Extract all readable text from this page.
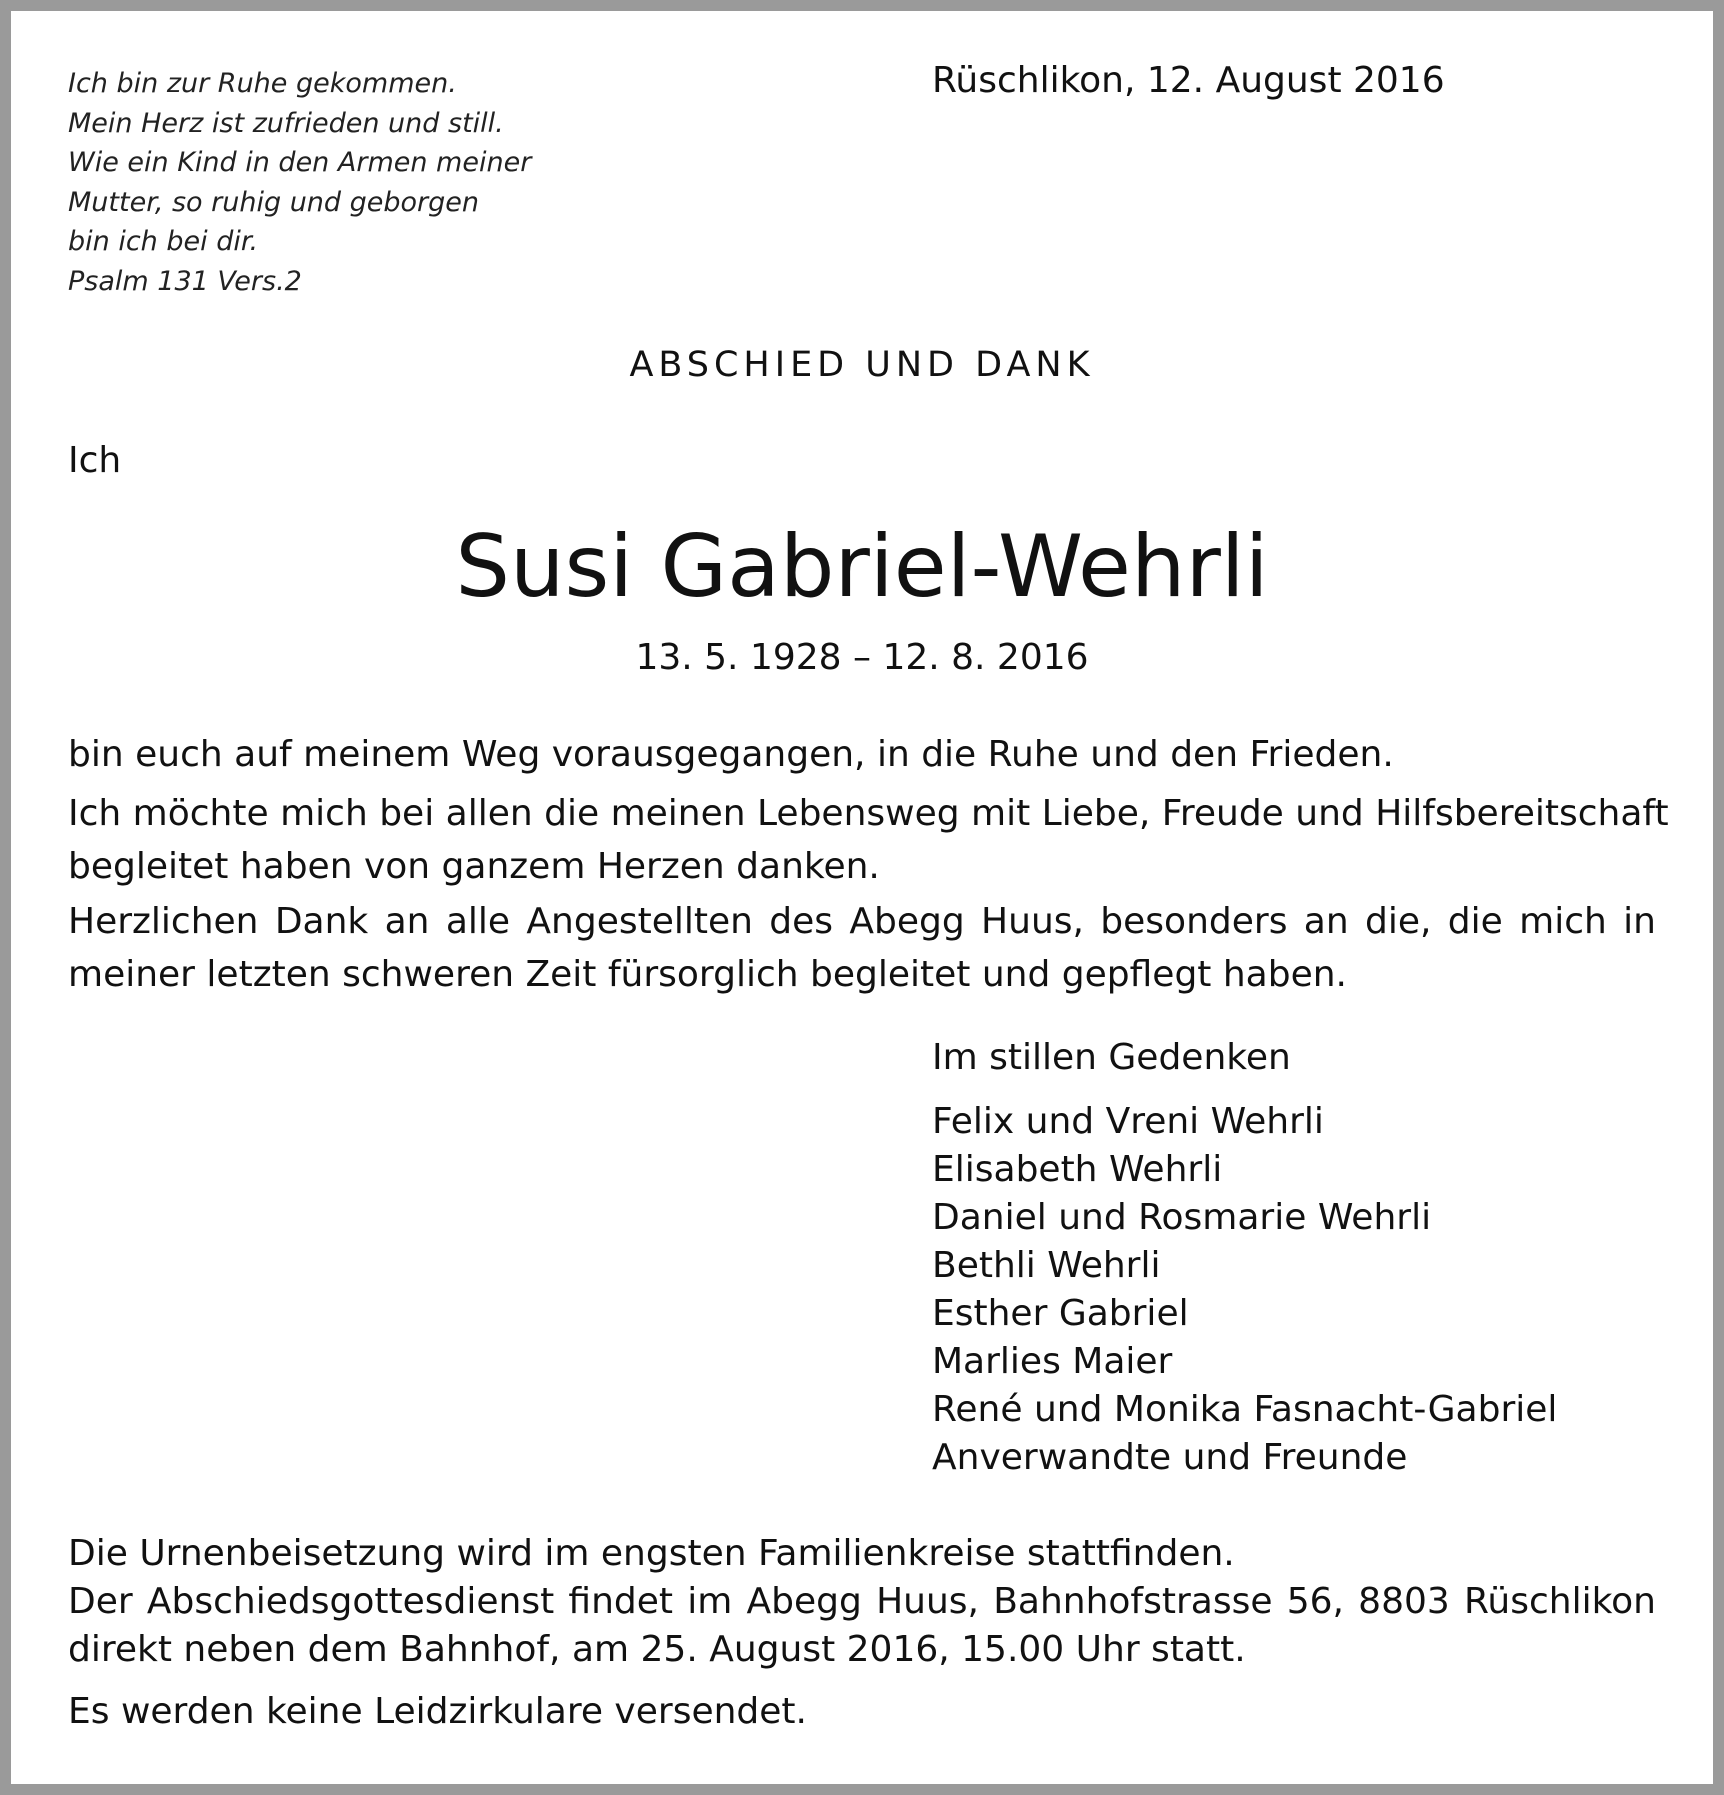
Ich bin zur Ruhe gekommen.
Mein Herz ist zufrieden und still.
Wie ein Kind in den Armen meiner
Mutter, so ruhig und geborgen
bin ich bei dir.
Psalm 131 Vers.2
Rüschlikon, 12. August 2016
ABSCHIED UND DANK
Ich
Susi Gabriel-Wehrli
13. 5. 1928 – 12. 8. 2016
bin euch auf meinem Weg vorausgegangen, in die Ruhe und den Frieden.
Ich möchte mich bei allen die meinen Lebensweg mit Liebe, Freude und Hilfsbereitschaft
begleitet haben von ganzem Herzen danken.
Herzlichen Dank an alle Angestellten des Abegg Huus, besonders an die, die mich in
meiner letzten schweren Zeit fürsorglich begleitet und gepflegt haben.
Im stillen Gedenken
Felix und Vreni Wehrli
Elisabeth Wehrli
Daniel und Rosmarie Wehrli
Bethli Wehrli
Esther Gabriel
Marlies Maier
René und Monika Fasnacht-Gabriel
Anverwandte und Freunde
Die Urnenbeisetzung wird im engsten Familienkreise stattfinden.
Der Abschiedsgottesdienst findet im Abegg Huus, Bahnhofstrasse 56, 8803 Rüschlikon
direkt neben dem Bahnhof, am 25. August 2016, 15.00 Uhr statt.
Es werden keine Leidzirkulare versendet.
